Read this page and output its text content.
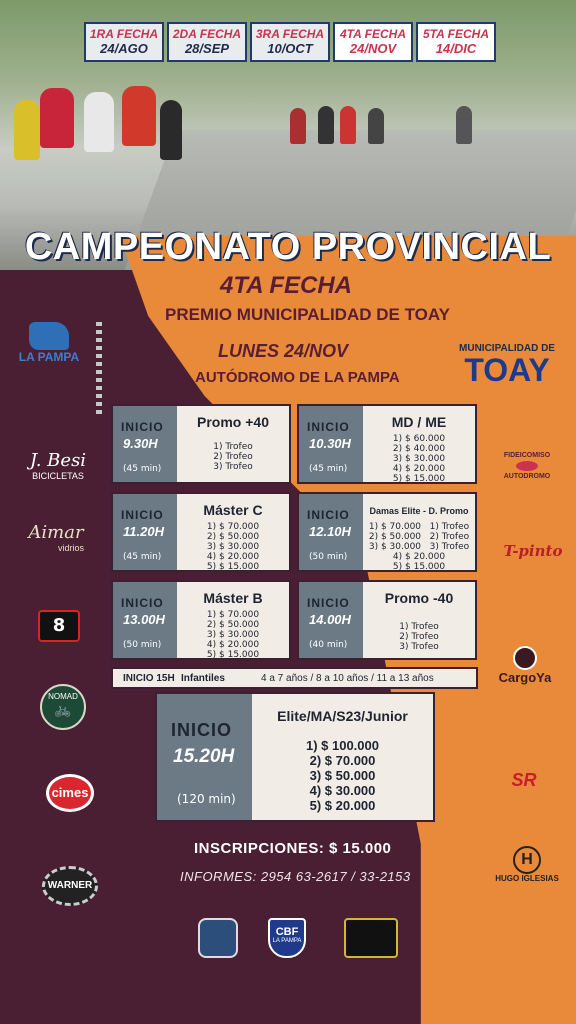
1RA FECHA
24/AGO
2DA FECHA
28/SEP
3RA FECHA
10/OCT
4TA FECHA
24/NOV
5TA FECHA
14/DIC
CAMPEONATO PROVINCIAL
4TA FECHA
PREMIO MUNICIPALIDAD DE TOAY
LUNES 24/NOV
AUTÓDROMO DE LA PAMPA
LA PAMPA
J. Besi
BICICLETAS
Aimar
vidrios
8
NOMAD
🚲
cimes
WARNER
MUNICIPALIDAD DE
TOAY
FIDEICOMISO
AUTODROMO
T-pinto
CargoYa
SR
H
HUGO IGLESIAS
INICIO
9.30H
(45 min)
Promo +40
1) Trofeo
2) Trofeo
3) Trofeo
INICIO
10.30H
(45 min)
MD / ME
1) $ 60.000
2) $ 40.000
3) $ 30.000
4) $ 20.000
5) $ 15.000
INICIO
11.20H
(45 min)
Máster C
1) $ 70.000
2) $ 50.000
3) $ 30.000
4) $ 20.000
5) $ 15.000
INICIO
12.10H
(50 min)
Damas Elite - D. Promo
1) $ 70.000   1) Trofeo
2) $ 50.000   2) Trofeo
3) $ 30.000   3) Trofeo
4) $ 20.000
5) $ 15.000
INICIO
13.00H
(50 min)
Máster B
1) $ 70.000
2) $ 50.000
3) $ 30.000
4) $ 20.000
5) $ 15.000
INICIO
14.00H
(40 min)
Promo -40
1) Trofeo
2) Trofeo
3) Trofeo
INICIO 15H Infantiles	4 a 7 años / 8 a 10 años / 11 a 13 años
INICIO
15.20H
(120 min)
Elite/MA/S23/Junior
1) $ 100.000
2) $ 70.000
3) $ 50.000
4) $ 30.000
5) $ 20.000
INSCRIPCIONES: $ 15.000
INFORMES: 2954 63-2617 / 33-2153
CBF
LA PAMPA
